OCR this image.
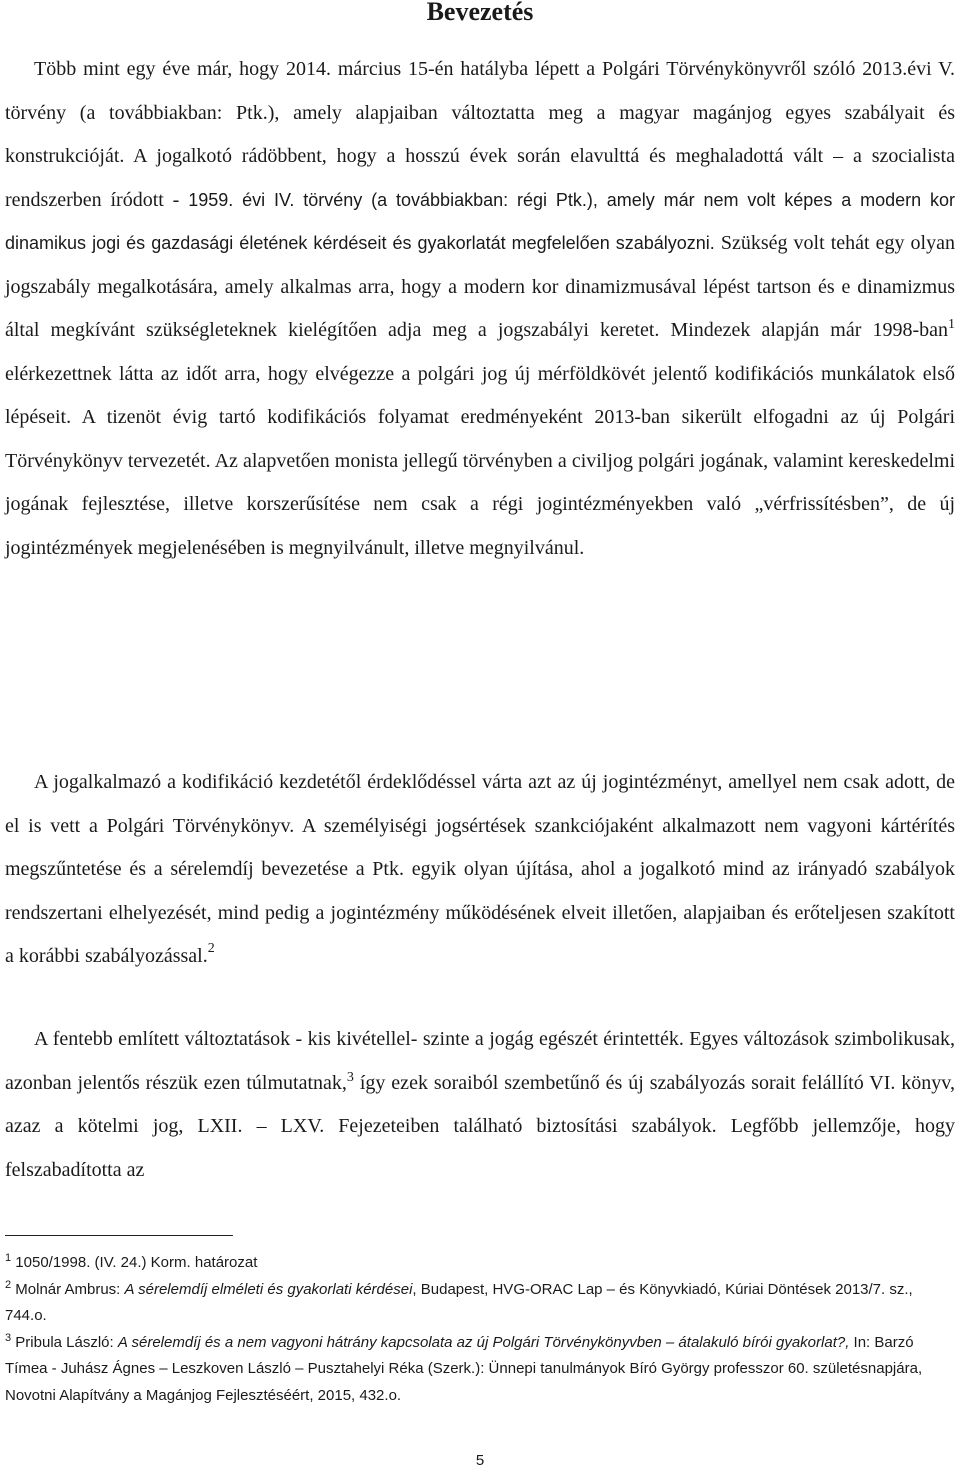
Bevezetés

Több mint egy éve már, hogy 2014. március 15-én hatályba lépett a Polgári Törvénykönyvről szóló 2013.évi V. törvény (a továbbiakban: Ptk.), amely alapjaiban változtatta meg a magyar magánjog egyes szabályait és konstrukcióját. A jogalkotó rádöbbent, hogy a hosszú évek során elavulttá és meghaladottá vált – a szocialista rendszerben íródott - 1959. évi IV. törvény (a továbbiakban: régi Ptk.), amely már nem volt képes a modern kor dinamikus jogi és gazdasági életének kérdéseit és gyakorlatát megfelelően szabályozni. Szükség volt tehát egy olyan jogszabály megalkotására, amely alkalmas arra, hogy a modern kor dinamizmusával lépést tartson és e dinamizmus által megkívánt szükségleteknek kielégítően adja meg a jogszabályi keretet. Mindezek alapján már 1998-ban$^1$ elérkezettnek látta az időt arra, hogy elvégezze a polgári jog új mérföldkövét jelentő kodifikációs munkálatok első lépéseit. A tizenöt évig tartó kodifikációs folyamat eredményeként 2013-ban sikerült elfogadni az új Polgári Törvénykönyv tervezetét. Az alapvetően monista jellegű törvényben a civiljog polgári jogának, valamint kereskedelmi jogának fejlesztése, illetve korszerűsítése nem csak a régi jogintézményekben való „vérfrissítésben”, de új jogintézmények megjelenésében is megnyilvánult, illetve megnyilvánul.

A jogalkalmazó a kodifikáció kezdetétől érdeklődéssel várta azt az új jogintézményt, amellyel nem csak adott, de el is vett a Polgári Törvénykönyv. A személyiségi jogsértések szankciójaként alkalmazott nem vagyoni kártérítés megszűntetése és a sérelemdíj bevezetése a Ptk. egyik olyan újítása, ahol a jogalkotó mind az irányadó szabályok rendszertani elhelyezését, mind pedig a jogintézmény működésének elveit illetően, alapjaiban és erőteljesen szakított a korábbi szabályozással.$^2$

A fentebb említett változtatások - kis kivétellel- szinte a jogág egészét érintették. Egyes változások szimbolikusak, azonban jelentős részük ezen túlmutatnak,$^3$ így ezek soraiból szembetűnő és új szabályozás sorait felállító VI. könyv, azaz a kötelmi jog, LXII. – LXV. Fejezeteiben található biztosítási szabályok. Legfőbb jellemzője, hogy felszabadította az

$^1$ 1050/1998. (IV. 24.) Korm. határozat

$^2$ Molnár Ambrus: A sérelemdíj elméleti és gyakorlati kérdései, Budapest, HVG-ORAC Lap – és Könyvkiadó, Kúriai Döntések 2013/7. sz., 744.o.

$^3$ Pribula László: A sérelemdíj és a nem vagyoni hátrány kapcsolata az új Polgári Törvénykönyvben – átalakuló bírói gyakorlat?, In: Barzó Tímea - Juhász Ágnes – Leszkoven László – Pusztahelyi Réka (Szerk.): Ünnepi tanulmányok Bíró György professzor 60. születésnapjára, Novotni Alapítvány a Magánjog Fejlesztéséért, 2015, 432.o.

5
